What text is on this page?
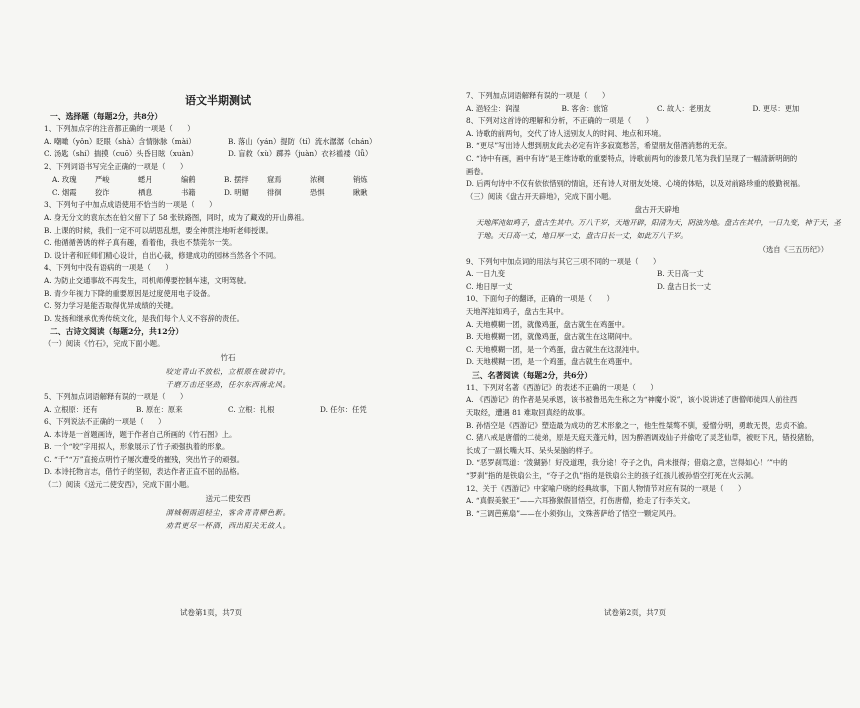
语文半期测试
一、选择题（每题2分，共8分）
1、下列加点字的注音都正确的一项是（　　）
A. 嘲噉（yǒn）眨眼（shà）含情脉脉（mài）	B. 落山（yán）提防（tí）流水潺潺（chán）
C. 汤匙（shí）揣摸（cuō）头昏目眩（xuàn）	D. 盲救（xù）踯养（juàn）衣衫褴褛（lǚ）
2、下列词语书写完全正确的一项是（　　）
A. 玫瑰	严峻	蟋月	编鹤	B. 摆拌	窟焉	浓稠	销炼
C. 烟霞	狡诈	栖息	书籍	D. 明媚	徘徊	恐惧	瞅瞅
3、下列句子中加点成语使用不恰当的一项是（　　）
A. 身无分文的袁东杰在伯父留下了 58 张铁路图，同时，成为了藏戏的开山鼻祖。
B. 上课的时候，我们一定不可以胡思乱想，要全神贯注地听老师授课。
C. 他循循善诱的样子真有趣，看着他，我也不禁莞尔一笑。
D. 设计者和匠师们精心设计，自出心裁，修建成功的园林当然各个不同。
4、下列句中没有语病的一项是（　　）
A. 为防止交通事故不再发生，司机师傅要控制车速，文明驾驶。
B. 青少年视力下降的重要原因是过度使用电子设备。
C. 努力学习是能否取得优异成绩的关键。
D. 发扬和继承优秀传统文化，是我们每个人义不容辞的责任。
二、古诗文阅读（每题2分，共12分）
（一）阅读《竹石》，完成下面小题。
竹石
咬定青山不放松，立根原在破岩中。
千磨万击还坚劲，任尔东西南北风。
5、下列加点词语解释有误的一项是（　　）
A. 立根原：还有	B. 原在：原来	C. 立根：扎根	D. 任尔：任凭
6、下列说法不正确的一项是（　　）
A. 本诗是一首题画诗，题于作者自己所画的《竹石图》上。
B. 一个“咬”字用拟人，形象展示了竹子顽强执着的形象。
C. “千”“万”直接点明竹子屡次遭受的摧残，突出竹子的顽强。
D. 本诗托物言志，借竹子的坚韧，表达作者正直不屈的品格。
（二）阅读《送元二使安西》，完成下面小题。
送元二使安西
渭城朝雨浥轻尘，客舍青青柳色新。
劝君更尽一杯酒，西出阳关无故人。
试卷第1页，共7页
7、下列加点词语解释有误的一项是（　　）
A. 浥轻尘：润湿	B. 客舍：旅馆	C. 故人：老朋友	D. 更尽：更加
8、下列对这首诗的理解和分析，不正确的一项是（　　）
A. 诗歌的前两句，交代了诗人送别友人的时间、地点和环境。
B. “更尽”写出诗人想到朋友此去必定有许多寂寞愁苦，希望朋友借酒消愁的无奈。
C. “诗中有画，画中有诗”是王维诗歌的重要特点，诗歌前两句的渗景几笔为我们呈现了一幅清新明朗的
画卷。
D. 后两句诗中不仅有依依惜别的情谊，还有诗人对朋友处境、心境的体贴，以及对前路珍重的殷勤祝福。
（三）阅读《盘古开天辟地》，完成下面小题。
盘古开天辟地
天地浑沌如鸡子，盘古生其中。万八千岁，天地开辟，阳清为天，阴浊为地。盘古在其中，一日九变，神于天，圣于地。天日高一丈，地日厚一丈，盘古日长一丈，如此万八千岁。
（选自《三五历纪》）
9、下列句中加点词的用法与其它三项不同的一项是（　　）
A. 一日九变	B. 天日高一丈
C. 地日厚一丈	D. 盘古日长一丈
10、下面句子的翻译，正确的一项是（　　）
天地浑沌如鸡子，盘古生其中。
A. 天地模糊一团，就像鸡蛋，盘古就生在鸡蛋中。
B. 天地模糊一团，就像鸡蛋，盘古就生在这期间中。
C. 天地模糊一团，是一个鸡蛋，盘古就生在这混沌中。
D. 天地模糊一团，是一个鸡蛋，盘古就生在鸡蛋中。
三、名著阅读（每题2分，共6分）
11、下列对名著《西游记》的表述不正确的一项是（　　）
A. 《西游记》的作者是吴承恩，该书被鲁迅先生称之为“神魔小说”，该小说讲述了唐僧师徒四人前往西
天取经，遭遇 81 难取回真经的故事。
B. 孙悟空是《西游记》塑造最为成功的艺术形象之一，他生性桀骜不驯，爱憎分明，勇敢无畏，忠贞不渝。
C. 猪八戒是唐僧的二徒弟，原是天庭天蓬元帅，因为醉酒调戏仙子并偷吃了灵芝仙草，被贬下凡，错投猪胎，
长成了一副长嘴大耳、呆头呆脑的样子。
D. “恶罗刹骂道：‘泼猢狲！好没道理，我分途！夺子之仇，尚未报得；借扇之意，岂得如心！’”中的
“罗刹”指的是铁扇公主，“夺子之仇”指的是铁扇公主的孩子红孩儿被孙悟空打死在火云洞。
12、关于《西游记》中家喻户晓的经典故事，下面人物情节对应有误的一项是（　　）
A. “真假美猴王”——六耳猕猴假冒悟空，打伤唐僧，抢走了行李关文。
B. “三调芭蕉扇”——在小须弥山，文殊菩萨给了悟空一颗定风丹。
试卷第2页，共7页
